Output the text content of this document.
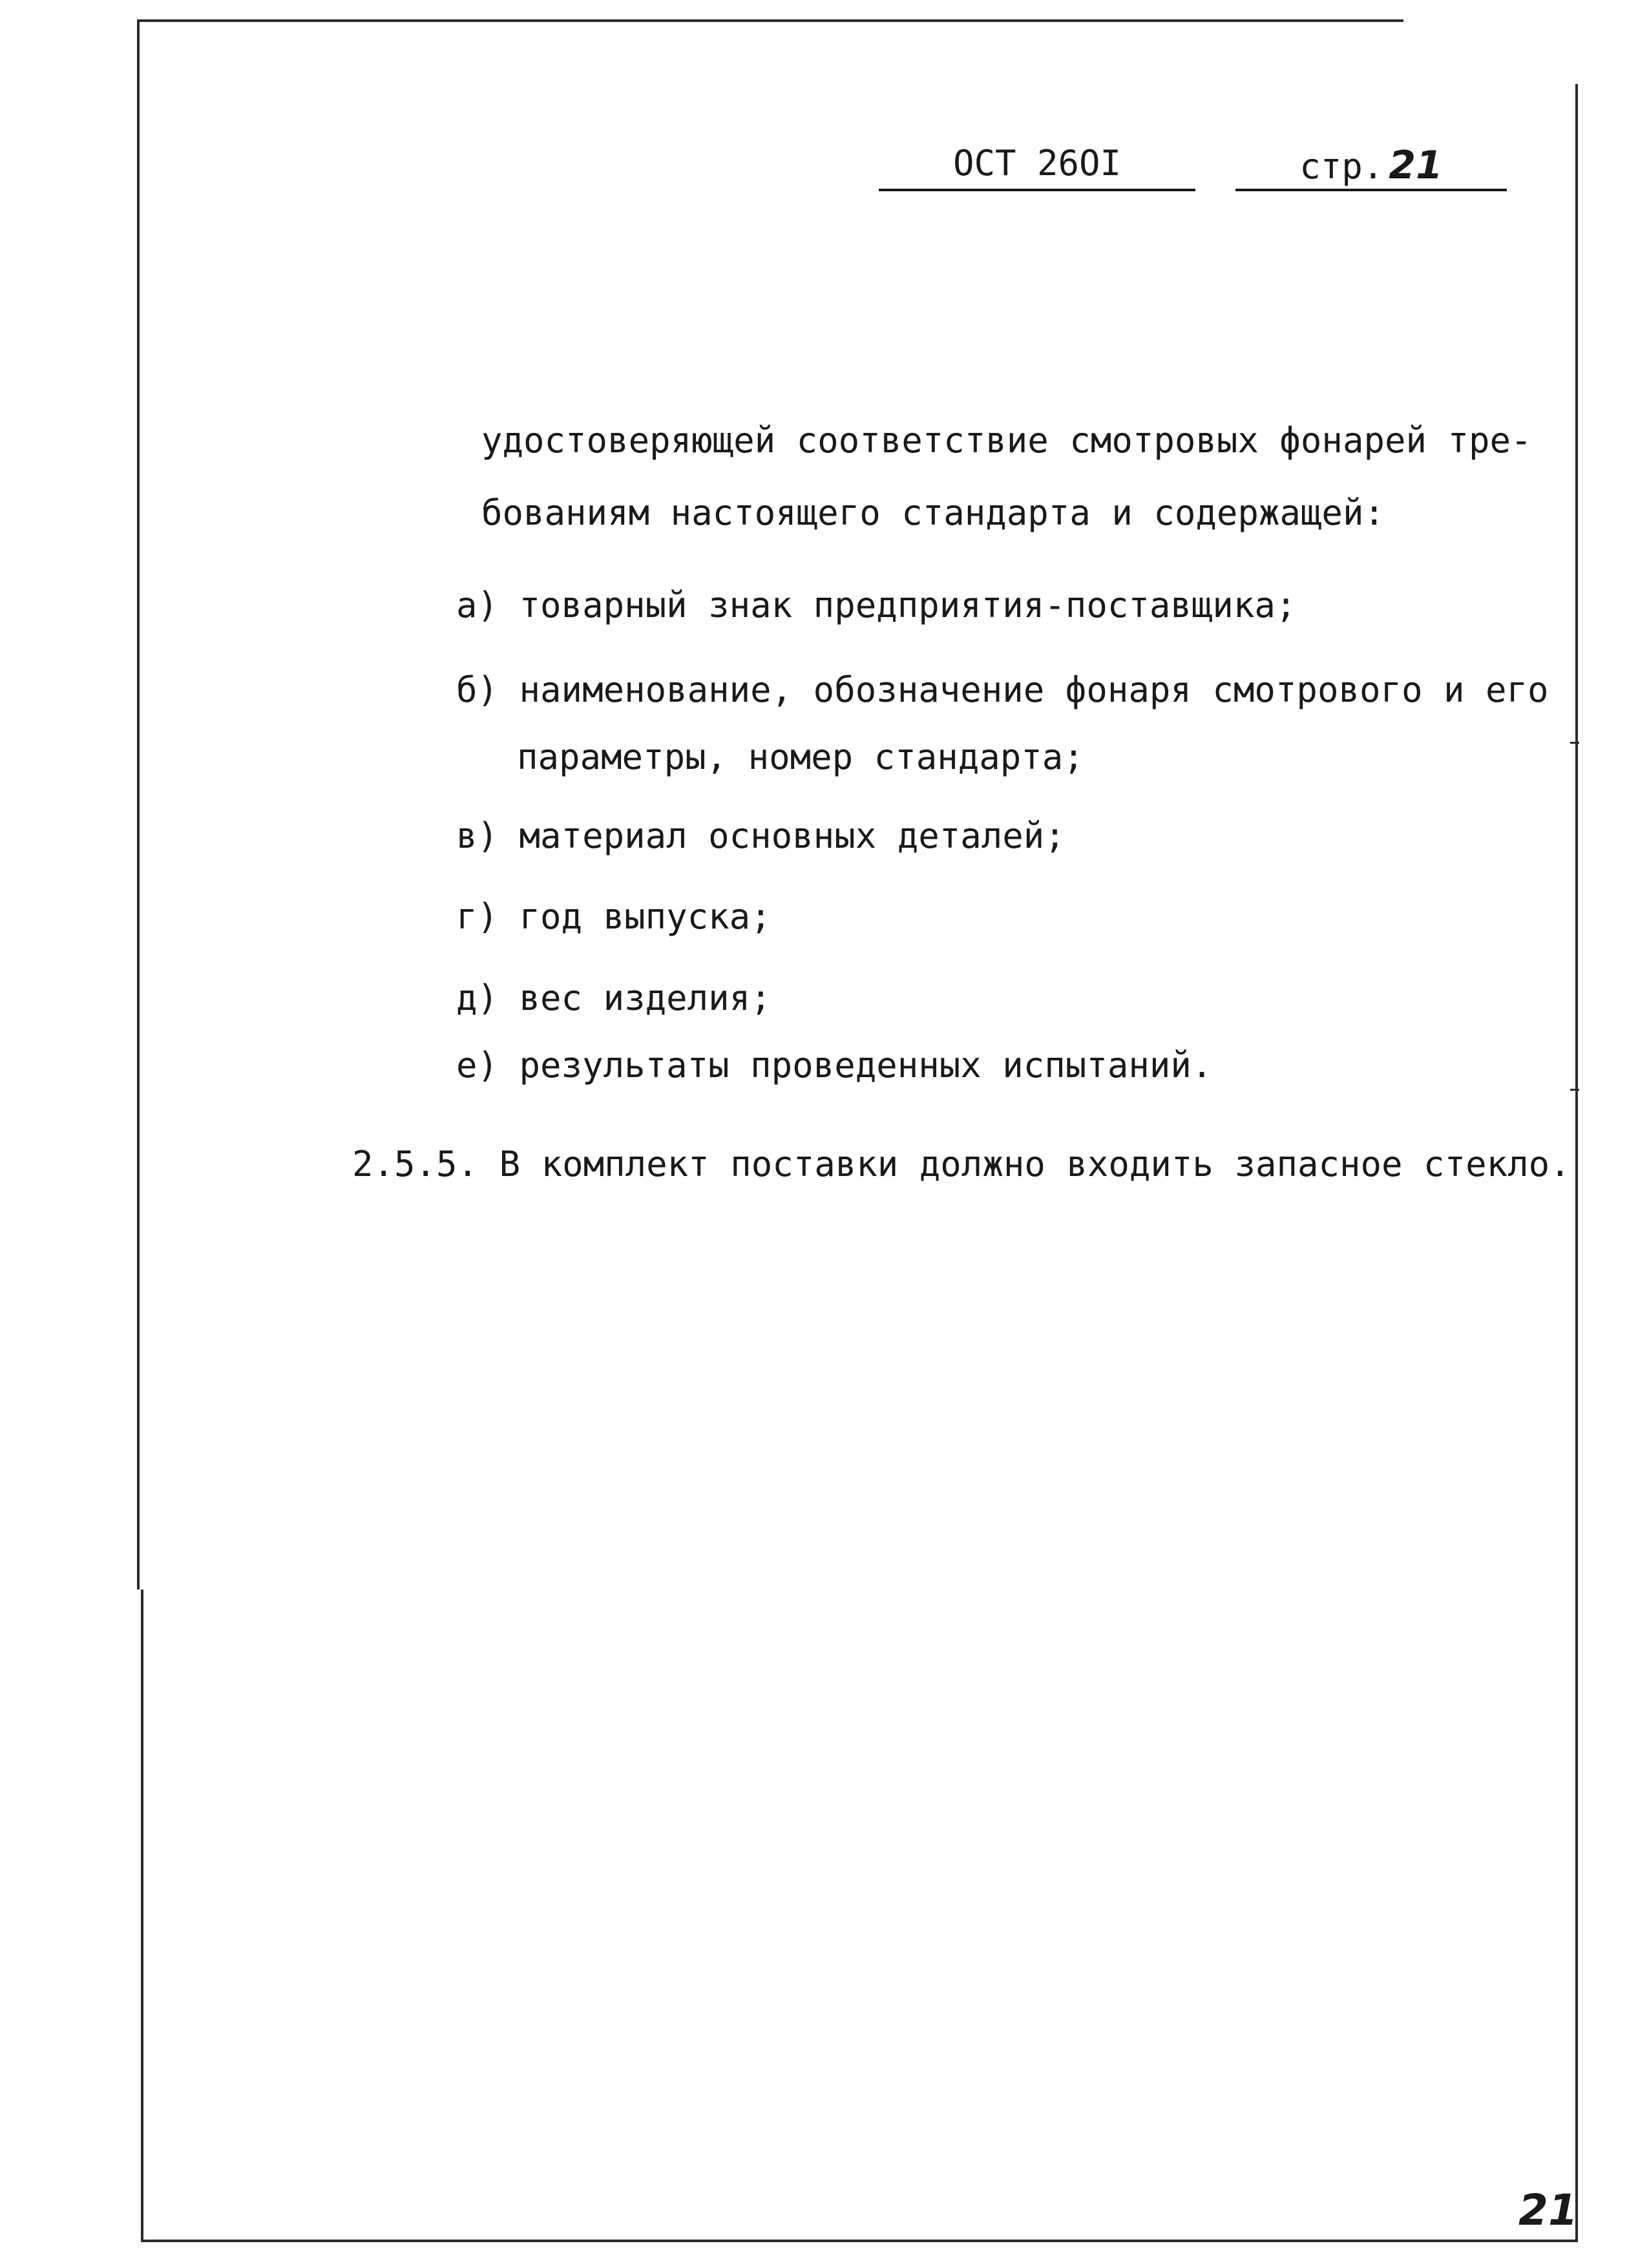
ОСТ 26ОI	стр. 21
удостоверяющей соответствие смотровых фонарей тре-
бованиям настоящего стандарта и содержащей:
а) товарный знак предприятия-поставщика;
б) наименование, обозначение фонаря смотрового и его
параметры, номер стандарта;
в) материал основных деталей;
г) год выпуска;
д) вес изделия;
е) результаты проведенных испытаний.
2.5.5. В комплект поставки должно входить запасное стекло.
21
